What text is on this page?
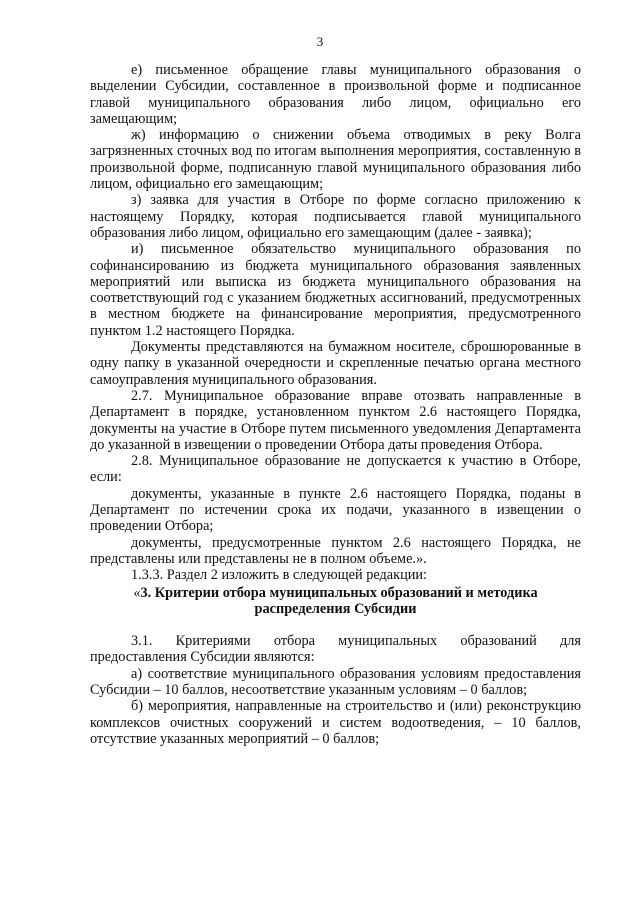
3

е) письменное обращение главы муниципального образования о выделении Субсидии, составленное в произвольной форме и подписанное главой муниципального образования либо лицом, официально его замещающим;

ж) информацию о снижении объема отводимых в реку Волга загрязненных сточных вод по итогам выполнения мероприятия, составленную в произвольной форме, подписанную главой муниципального образования либо лицом, официально его замещающим;

з) заявка для участия в Отборе по форме согласно приложению к настоящему Порядку, которая подписывается главой муниципального образования либо лицом, официально его замещающим (далее - заявка);

и) письменное обязательство муниципального образования по софинансированию из бюджета муниципального образования заявленных мероприятий или выписка из бюджета муниципального образования на соответствующий год с указанием бюджетных ассигнований, предусмотренных в местном бюджете на финансирование мероприятия, предусмотренного пунктом 1.2 настоящего Порядка.

Документы представляются на бумажном носителе, сброшюрованные в одну папку в указанной очередности и скрепленные печатью органа местного самоуправления муниципального образования.

2.7. Муниципальное образование вправе отозвать направленные в Департамент в порядке, установленном пунктом 2.6 настоящего Порядка, документы на участие в Отборе путем письменного уведомления Департамента до указанной в извещении о проведении Отбора даты проведения Отбора.

2.8. Муниципальное образование не допускается к участию в Отборе, если:

документы, указанные в пункте 2.6 настоящего Порядка, поданы в Департамент по истечении срока их подачи, указанного в извещении о проведении Отбора;

документы, предусмотренные пунктом 2.6 настоящего Порядка, не представлены или представлены не в полном объеме.».

1.3.3. Раздел 2 изложить в следующей редакции:

«3. Критерии отбора муниципальных образований и методика распределения Субсидии

3.1. Критериями отбора муниципальных образований для предоставления Субсидии являются:

а) соответствие муниципального образования условиям предоставления Субсидии – 10 баллов, несоответствие указанным условиям – 0 баллов;

б) мероприятия, направленные на строительство и (или) реконструкцию комплексов очистных сооружений и систем водоотведения, – 10 баллов, отсутствие указанных мероприятий – 0 баллов;
